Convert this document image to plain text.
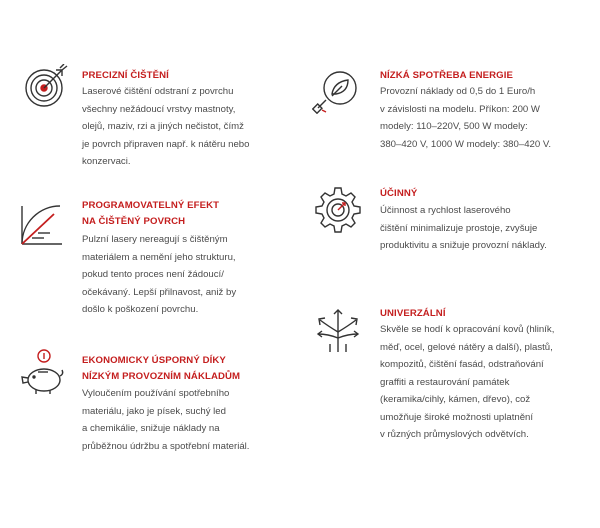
PRECIZNÍ ČIŠTĚNÍ
Laserové čištění odstraní z povrchu
všechny nežádoucí vrstvy mastnoty,
olejů, maziv, rzi a jiných nečistot, čímž
je povrch připraven např. k nátěru nebo
konzervaci.
PROGRAMOVATELNÝ EFEKT
NA ČIŠTĚNÝ POVRCH
Pulzní lasery nereagují s čištěným
materiálem a nemění jeho strukturu,
pokud tento proces není žádoucí/
očekávaný. Lepší přilnavost, aniž by
došlo k poškození povrchu.
EKONOMICKY ÚSPORNÝ DÍKY
NÍZKÝM PROVOZNÍM NÁKLADŮM
Vyloučením používání spotřebního
materiálu, jako je písek, suchý led
a chemikálie, snižuje náklady na
průběžnou údržbu a spotřební materiál.
NÍZKÁ SPOTŘEBA ENERGIE
Provozní náklady od 0,5 do 1 Euro/h
v závislosti na modelu. Příkon: 200 W
modely: 110–220V, 500 W modely:
380–420 V, 1000 W modely: 380–420 V.
ÚČINNÝ
Účinnost a rychlost laserového
čištění minimalizuje prostoje, zvyšuje
produktivitu a snižuje provozní náklady.
UNIVERZÁLNÍ
Skvěle se hodí k opracování kovů (hliník,
měď, ocel, gelové nátěry a další), plastů,
kompozitů, čištění fasád, odstraňování
graffiti a restaurování památek
(keramika/cihly, kámen, dřevo), což
umožňuje široké možnosti uplatnění
v různých průmyslových odvětvích.
